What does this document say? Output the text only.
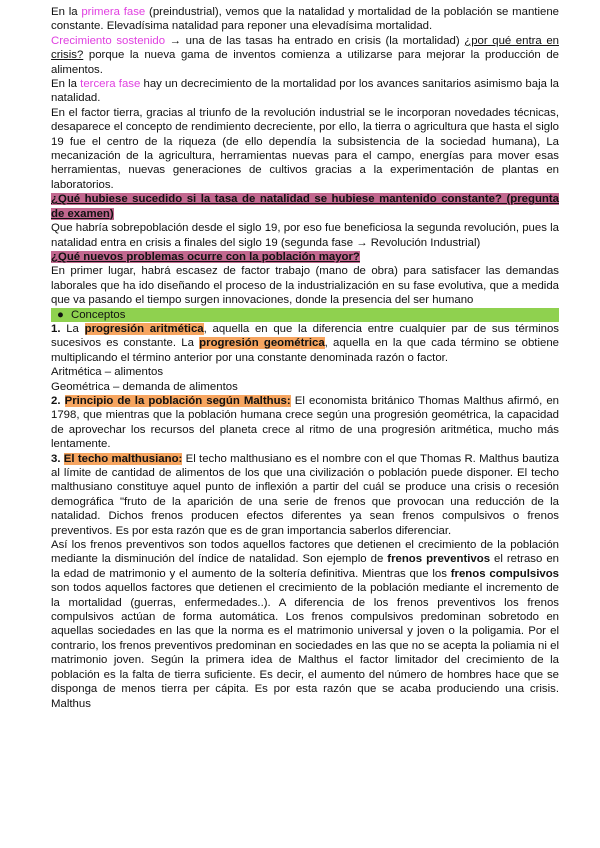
En la primera fase (preindustrial), vemos que la natalidad y mortalidad de la población se mantiene constante. Elevadísima natalidad para reponer una elevadísima mortalidad.

Crecimiento sostenido → una de las tasas ha entrado en crisis (la mortalidad) ¿por qué entra en crisis? porque la nueva gama de inventos comienza a utilizarse para mejorar la producción de alimentos.

En la tercera fase hay un decrecimiento de la mortalidad por los avances sanitarios asimismo baja la natalidad.

En el factor tierra, gracias al triunfo de la revolución industrial se le incorporan novedades técnicas, desaparece el concepto de rendimiento decreciente, por ello, la tierra o agricultura que hasta el siglo 19 fue el centro de la riqueza (de ello dependía la subsistencia de la sociedad humana), La mecanización de la agricultura, herramientas nuevas para el campo, energías para mover esas herramientas, nuevas generaciones de cultivos gracias a la experimentación de plantas en laboratorios.

¿Qué hubiese sucedido si la tasa de natalidad se hubiese mantenido constante? (pregunta de examen)

Que habría sobrepoblación desde el siglo 19, por eso fue beneficiosa la segunda revolución, pues la natalidad entra en crisis a finales del siglo 19 (segunda fase → Revolución Industrial)

¿Qué nuevos problemas ocurre con la población mayor?

En primer lugar, habrá escasez de factor trabajo (mano de obra) para satisfacer las demandas laborales que ha ido diseñando el proceso de la industrialización en su fase evolutiva, que a medida que va pasando el tiempo surgen innovaciones, donde la presencia del ser humano

● Conceptos

1. La progresión aritmética, aquella en que la diferencia entre cualquier par de sus términos sucesivos es constante. La progresión geométrica, aquella en la que cada término se obtiene multiplicando el término anterior por una constante denominada razón o factor.

Aritmética – alimentos

Geométrica – demanda de alimentos

2. Principio de la población según Malthus: El economista británico Thomas Malthus afirmó, en 1798, que mientras que la población humana crece según una progresión geométrica, la capacidad de aprovechar los recursos del planeta crece al ritmo de una progresión aritmética, mucho más lentamente.

3. El techo malthusiano: El techo malthusiano es el nombre con el que Thomas R. Malthus bautiza al límite de cantidad de alimentos de los que una civilización o población puede disponer. El techo malthusiano constituye aquel punto de inflexión a partir del cuál se produce una crisis o recesión demográfica "fruto de la aparición de una serie de frenos que provocan una reducción de la natalidad. Dichos frenos producen efectos diferentes ya sean frenos compulsivos o frenos preventivos. Es por esta razón que es de gran importancia saberlos diferenciar.

Así los frenos preventivos son todos aquellos factores que detienen el crecimiento de la población mediante la disminución del índice de natalidad. Son ejemplo de frenos preventivos el retraso en la edad de matrimonio y el aumento de la soltería definitiva. Mientras que los frenos compulsivos son todos aquellos factores que detienen el crecimiento de la población mediante el incremento de la mortalidad (guerras, enfermedades..). A diferencia de los frenos preventivos los frenos compulsivos actúan de forma automática. Los frenos compulsivos predominan sobretodo en aquellas sociedades en las que la norma es el matrimonio universal y joven o la poligamia. Por el contrario, los frenos preventivos predominan en sociedades en las que no se acepta la poliamia ni el matrimonio joven. Según la primera idea de Malthus el factor limitador del crecimiento de la población es la falta de tierra suficiente. Es decir, el aumento del número de hombres hace que se disponga de menos tierra per cápita. Es por esta razón que se acaba produciendo una crisis. Malthus
